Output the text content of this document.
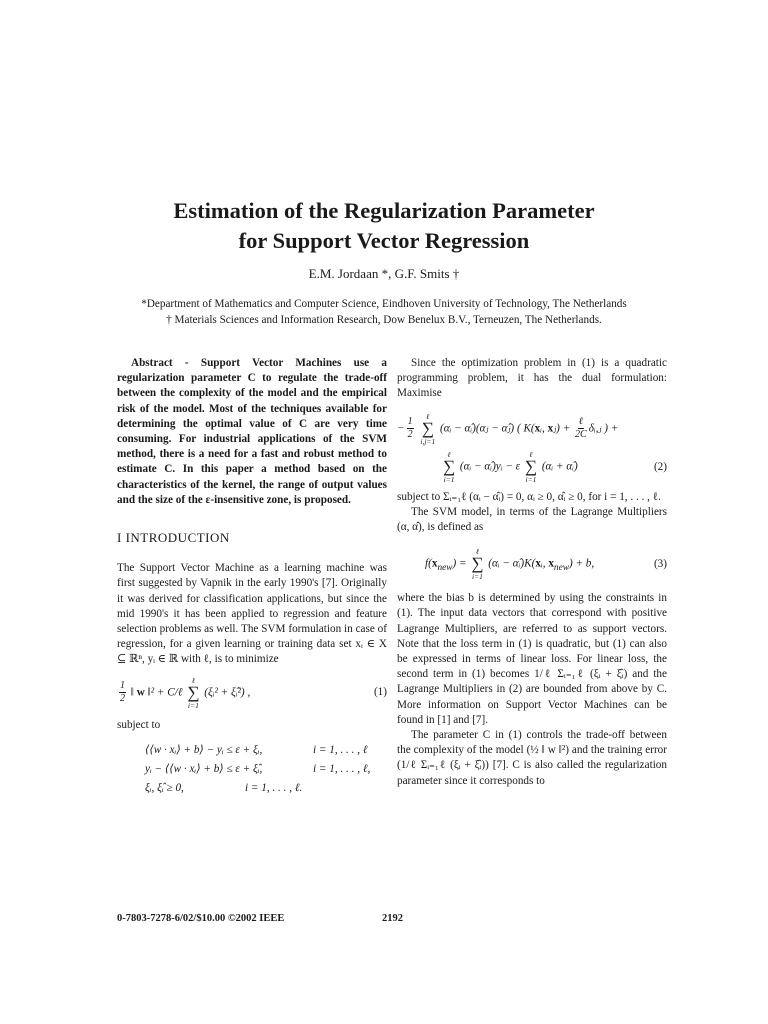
Estimation of the Regularization Parameter
for Support Vector Regression
E.M. Jordaan *, G.F. Smits †
*Department of Mathematics and Computer Science, Eindhoven University of Technology, The Netherlands
† Materials Sciences and Information Research, Dow Benelux B.V., Terneuzen, The Netherlands.

Abstract - Support Vector Machines use a regularization parameter C to regulate the trade-off between the complexity of the model and the empirical risk of the model. Most of the techniques available for determining the optimal value of C are very time consuming. For industrial applications of the SVM method, there is a need for a fast and robust method to estimate C. In this paper a method based on the characteristics of the kernel, the range of output values and the size of the ε-insensitive zone, is proposed.

I INTRODUCTION

The Support Vector Machine as a learning machine was first suggested by Vapnik in the early 1990's [7]. Originally it was derived for classification applications, but since the mid 1990's it has been applied to regression and feature selection problems as well. The SVM formulation in case of regression, for a given learning or training data set xᵢ ∈ X ⊆ ℝⁿ, yᵢ ∈ ℝ with ℓ, is to minimize

$\frac{1}{2}$ ‖ w ‖² + C/ℓ
ℓ
∑
i=1
(ξᵢ² + ξ̂ᵢ²) ,	(1)
subject to
⟨⟨w · xᵢ⟩ + b⟩ − yᵢ ≤ ε + ξᵢ,	i = 1, . . . , ℓ
yᵢ − ⟨⟨w · xᵢ⟩ + b⟩ ≤ ε + ξ̂ᵢ,	i = 1, . . . , ℓ,
ξᵢ, ξ̂ᵢ ≥ 0,	i = 1, . . . , ℓ.

Since the optimization problem in (1) is a quadratic programming problem, it has the dual formulation: Maximise

− $\frac{1}{2}$
ℓ
∑
i,j=1
(αᵢ − α̂ᵢ)(αⱼ − α̂ⱼ) ( K(xᵢ, xⱼ) + $\frac{\text{ℓ}}{2C}$ δᵢ,ⱼ ) +
ℓ
∑
i=1
(αᵢ − α̂ᵢ)yᵢ − ε
ℓ
∑
i=1
(αᵢ + α̂ᵢ)	(2)

subject to Σᵢ₌₁ℓ (αᵢ − α̂ᵢ) = 0, αᵢ ≥ 0, α̂ᵢ ≥ 0, for i = 1, . . . , ℓ.

The SVM model, in terms of the Lagrange Multipliers (α, α̂), is defined as

$f(x_{new})$ =
ℓ
∑
i=1
(αᵢ − α̂ᵢ)K(xᵢ, $x_{new}) + b$,	(3)

where the bias b is determined by using the constraints in (1). The input data vectors that correspond with positive Lagrange Multipliers, are referred to as support vectors. Note that the loss term in (1) is quadratic, but (1) can also be expressed in terms of linear loss. For linear loss, the second term in (1) becomes 1/ℓ Σᵢ₌₁ℓ (ξᵢ + ξ̂ᵢ) and the Lagrange Multipliers in (2) are bounded from above by C. More information on Support Vector Machines can be found in [1] and [7].

The parameter C in (1) controls the trade-off between the complexity of the model (½ ‖ w ‖²) and the training error (1/ℓ Σᵢ₌₁ℓ (ξᵢ + ξ̂ᵢ)) [7]. C is also called the regularization parameter since it corresponds to

0-7803-7278-6/02/$10.00 ©2002 IEEE	2192
